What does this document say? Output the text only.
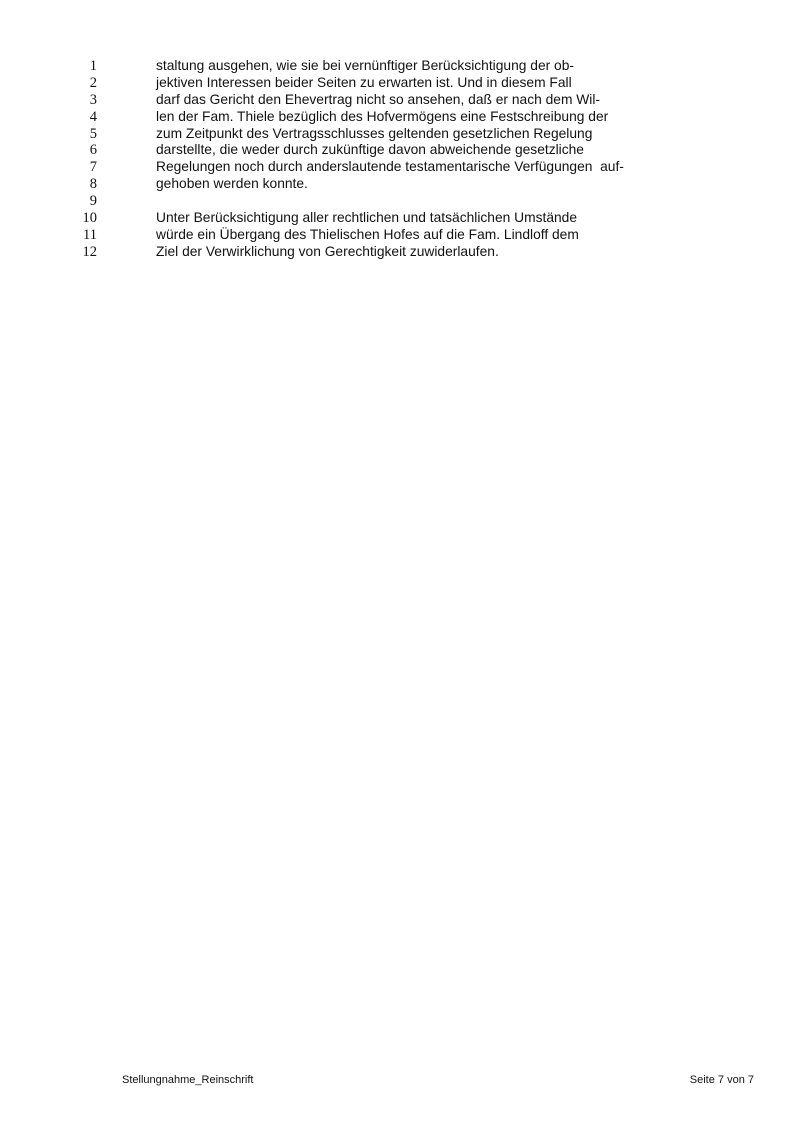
1	staltung ausgehen, wie sie bei vernünftiger Berücksichtigung der ob-
2	jektiven Interessen beider Seiten zu erwarten ist. Und in diesem Fall
3	darf das Gericht den Ehevertrag nicht so ansehen, daß er nach dem Wil-
4	len der Fam. Thiele bezüglich des Hofvermögens eine Festschreibung der
5	zum Zeitpunkt des Vertragsschlusses geltenden gesetzlichen Regelung
6	darstellte, die weder durch zukünftige davon abweichende gesetzliche
7	Regelungen noch durch anderslautende testamentarische Verfügungen  auf-
8	gehoben werden konnte.
9
10	Unter Berücksichtigung aller rechtlichen und tatsächlichen Umstände
11	würde ein Übergang des Thielischen Hofes auf die Fam. Lindloff dem
12	Ziel der Verwirklichung von Gerechtigkeit zuwiderlaufen.
Stellungnahme_Reinschrift	Seite 7 von 7
